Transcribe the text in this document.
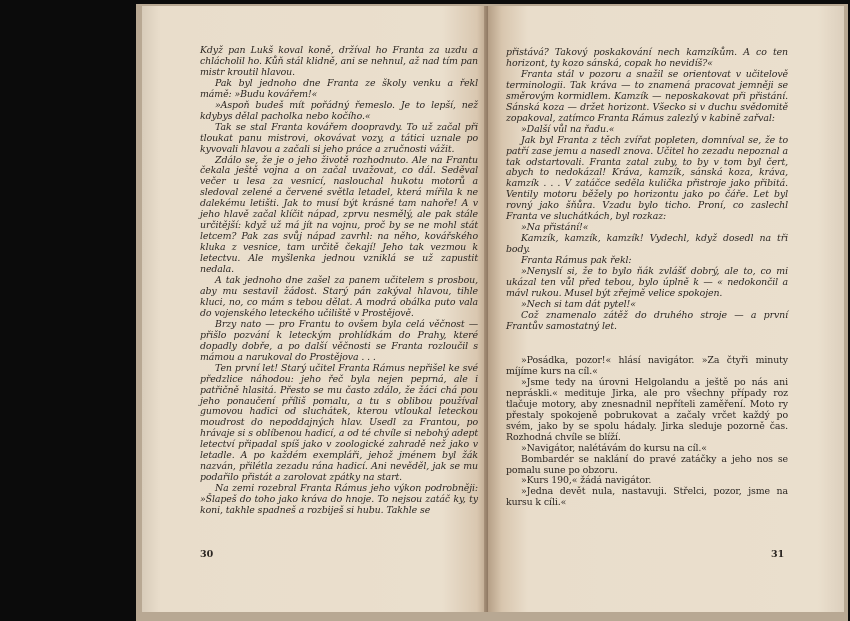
Když pan Lukš koval koně, držíval ho Franta za uzdu a chlácholil ho. Kůň stál klidně, ani se nehnul, až nad tím pan mistr kroutil hlavou.

Pak byl jednoho dne Franta ze školy venku a řekl mámě: »Budu kovářem!«

»Aspoň budeš mít pořádný řemeslo. Je to lepší, než kdybys dělal pacholka nebo kočího.«

Tak se stal Franta kovářem doopravdy. To už začal při tloukat panu mistrovi, okovávat vozy, a tátici uznale po kyvovali hlavou a začali si jeho práce a zručnosti vážit.

Zdálo se, že je o jeho životě rozhodnuto. Ale na Frantu čekala ještě vojna a on začal uvažovat, co dál. Seděval večer u lesa za vesnicí, naslouchal hukotu motorů a sledoval zelené a červené světla letadel, která mířila k ne dalekému letišti. Jak to musí být krásné tam nahoře! A v jeho hlavě začal klíčit nápad, zprvu nesmělý, ale pak stále určitější: když už má jít na vojnu, proč by se ne mohl stát letcem? Pak zas svůj nápad zavrhl: na něho, kovářského kluka z vesnice, tam určitě čekají! Jeho tak vezmou k letectvu. Ale myšlenka jednou vzniklá se už zapustit nedala.

A tak jednoho dne zašel za panem učitelem s prosbou, aby mu sestavil žádost. Starý pán zakýval hlavou, tihle kluci, no, co mám s tebou dělat. A modrá obálka puto vala do vojenského leteckého učiliště v Prostějově.

Brzy nato — pro Frantu to ovšem byla celá věčnost — přišlo pozvání k leteckým prohlídkám do Prahy, které dopadly dobře, a po další věčnosti se Franta rozloučil s mámou a narukoval do Prostějova . . .

Ten první let! Starý učitel Franta Rámus nepřišel ke své předzlice náhodou: jeho řeč byla nejen peprná, ale i patřičně hlasitá. Přesto se mu často zdálo, že žáci chá pou jeho ponaučení příliš pomalu, a tu s oblibou používal gumovou hadici od sluchátek, kterou vtloukal leteckou moudrost do nepoddajných hlav. Usedl za Frantou, po hrávaje si s oblíbenou hadicí, a od té chvíle si nebohý adept letectví připadal spíš jako v zoologické zahradě než jako v letadle. A po každém exempláři, jehož jménem byl žák nazván, přilétla zezadu rána hadicí. Ani nevěděl, jak se mu podařilo přistát a zarolovat zpátky na start.

Na zemi rozebral Franta Rámus jeho výkon podrobněji: »Šlapeš do toho jako kráva do hnoje. To nejsou zatáč ky, ty koni, takhle spadneš a rozbiješ si hubu. Takhle se

30

přistává? Takový poskakování nech kamzíkům. A co ten horizont, ty kozo sánská, copak ho nevidíš?«

Franta stál v pozoru a snažil se orientovat v učitelově terminologii. Tak kráva — to znamená pracovat jemněji se směrovým kormidlem. Kamzík — neposkakovat při přistání. Sánská koza — držet horizont. Všecko si v duchu svědomitě zopakoval, zatímco Franta Rámus zalezlý v kabině zařval:

»Další vůl na řadu.«

Jak byl Franta z těch zvířat popleten, domníval se, že to patří zase jemu a nasedl znova. Učitel ho zezadu nepoznal a tak odstartovali. Franta zatal zuby, to by v tom byl čert, abych to nedokázal! Kráva, kamzík, sánská koza, kráva, kamzík . . . V zatáčce seděla kulička přistroje jako přibitá. Ventily motoru běžely po horizontu jako po čáře. Let byl rovný jako šňůra. Vzadu bylo ticho. Proní, co zaslechl Franta ve sluchátkách, byl rozkaz:

»Na přistání!«

Kamzík, kamzík, kamzík! Vydechl, když dosedl na tři body.

Franta Rámus pak řekl:

»Nenyslí si, že to bylo ňák zvlášť dobrý, ale to, co mi ukázal ten vůl před tebou, bylo úplně k — « nedokončil a mávl rukou. Musel být zřejmě velice spokojen.

»Nech si tam dát pytel!«

Což znamenalo zátěž do druhého stroje — a první Frantův samostatný let.

»Posádka, pozor!« hlásí navigátor. »Za čtyři minuty míjíme kurs na cíl.«

»Jsme tedy na úrovni Helgolandu a ještě po nás ani nepráskli.« medituje Jirka, ale pro všechny případy roz tlačuje motory, aby znesnadnil nepříteli zaměření. Moto ry přestaly spokojeně pobrukovat a začaly vrčet každý po svém, jako by se spolu hádaly. Jirka sleduje pozorně čas. Rozhodná chvíle se blíží.

»Navigátor, nalétávám do kursu na cíl.«

Bombardér se naklání do pravé zatáčky a jeho nos se pomalu sune po obzoru.

»Kurs 190,« žádá navigátor.

»Jedna devět nula, nastavuji. Střelci, pozor, jsme na kursu k cíli.«

31
